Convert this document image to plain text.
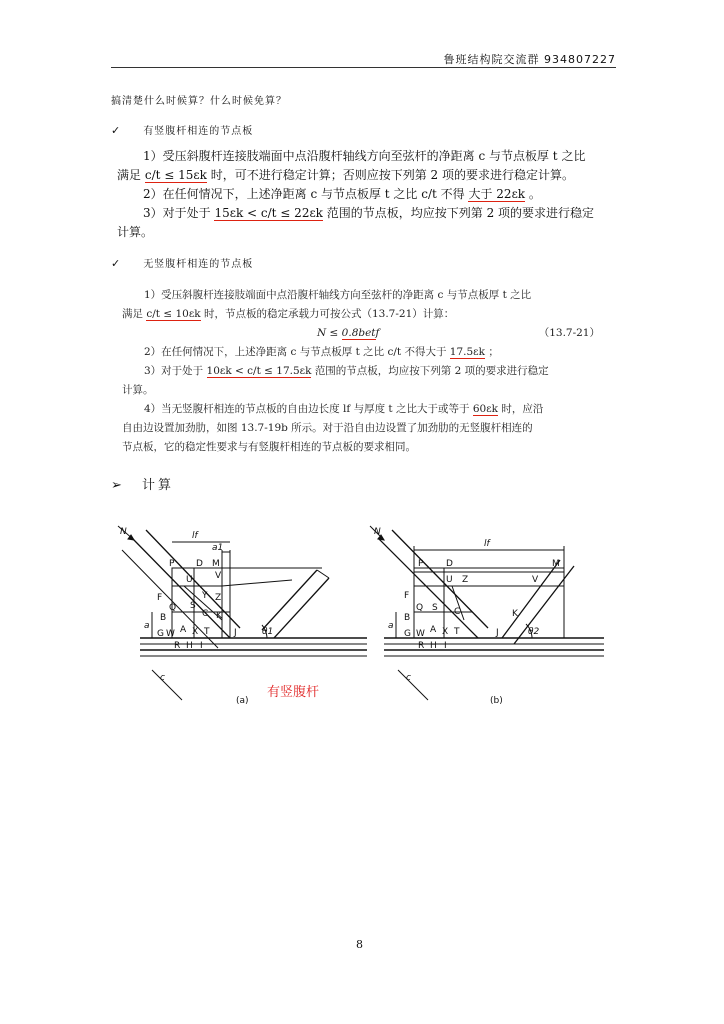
鲁班结构院交流群 934807227
搞清楚什么时候算？什么时候免算？
✓ 有竖腹杆相连的节点板
1）受压斜腹杆连接肢端面中点沿腹杆轴线方向至弦杆的净距离 c 与节点板厚 t 之比
满足 c/t ≤ 15εk 时，可不进行稳定计算；否则应按下列第 2 项的要求进行稳定计算。
2）在任何情况下，上述净距离 c 与节点板厚 t 之比 c/t 不得 大于 22εk 。
3）对于处于 15εk < c/t ≤ 22εk 范围的节点板，均应按下列第 2 项的要求进行稳定
计算。
✓ 无竖腹杆相连的节点板
1）受压斜腹杆连接肢端面中点沿腹杆轴线方向至弦杆的净距离 c 与节点板厚 t 之比
满足 c/t ≤ 10εk 时，节点板的稳定承载力可按公式（13.7-21）计算：
N ≤ 0.8betf	（13.7-21）
2）在任何情况下，上述净距离 c 与节点板厚 t 之比 c/t 不得大于 17.5εk ；
3）对于处于 10εk < c/t ≤ 17.5εk 范围的节点板，均应按下列第 2 项的要求进行稳定
计算。
4）当无竖腹杆相连的节点板的自由边长度 lf 与厚度 t 之比大于或等于 60εk 时，应沿
自由边设置加劲肋，如图 13.7-19b 所示。对于沿自由边设置了加劲肋的无竖腹杆相连的
节点板，它的稳定性要求与有竖腹杆相连的节点板的要求相同。
➢ 计算
N	lf
a1
P D M
U V
Z
Y
F
Q S
C K
B
G W A X T	J
R H I
θ1
a
c
(a)
有竖腹杆
N
lf
P	D	M
U Z	V
F
B
Q S C	K
G W A X T	J
R H I
θ2
a
c
(b)
8
